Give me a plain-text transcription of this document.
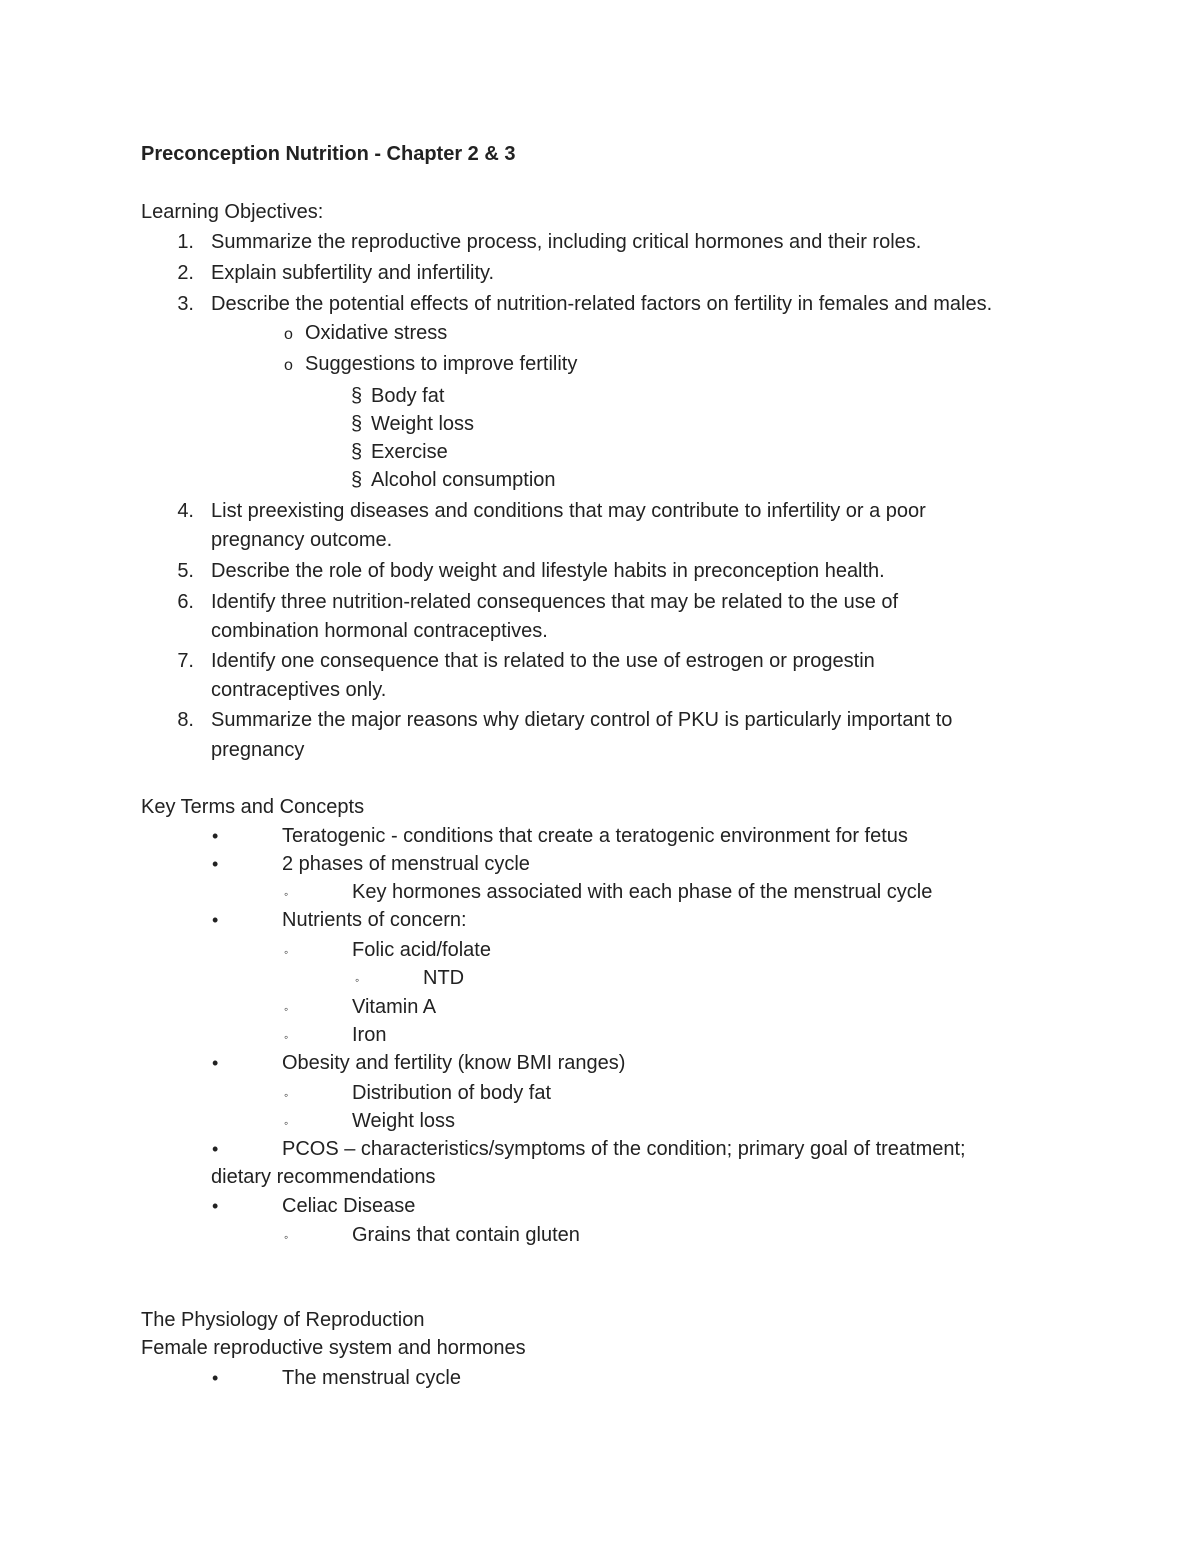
Preconception Nutrition - Chapter 2 & 3
Learning Objectives:
1. Summarize the reproductive process, including critical hormones and their roles.
2. Explain subfertility and infertility.
3. Describe the potential effects of nutrition-related factors on fertility in females and males.
o Oxidative stress
o Suggestions to improve fertility
§ Body fat
§ Weight loss
§ Exercise
§ Alcohol consumption
4. List preexisting diseases and conditions that may contribute to infertility or a poor
pregnancy outcome.
5. Describe the role of body weight and lifestyle habits in preconception health.
6. Identify three nutrition-related consequences that may be related to the use of
combination hormonal contraceptives.
7. Identify one consequence that is related to the use of estrogen or progestin
contraceptives only.
8. Summarize the major reasons why dietary control of PKU is particularly important to
pregnancy
Key Terms and Concepts
•	Teratogenic - conditions that create a teratogenic environment for fetus
•	2 phases of menstrual cycle
◦	Key hormones associated with each phase of the menstrual cycle
•	Nutrients of concern:
◦	Folic acid/folate
◦	NTD
◦	Vitamin A
◦	Iron
•	Obesity and fertility (know BMI ranges)
◦	Distribution of body fat
◦	Weight loss
•	PCOS – characteristics/symptoms of the condition; primary goal of treatment;
dietary recommendations
•	Celiac Disease
◦	Grains that contain gluten
The Physiology of Reproduction
Female reproductive system and hormones
•	The menstrual cycle
